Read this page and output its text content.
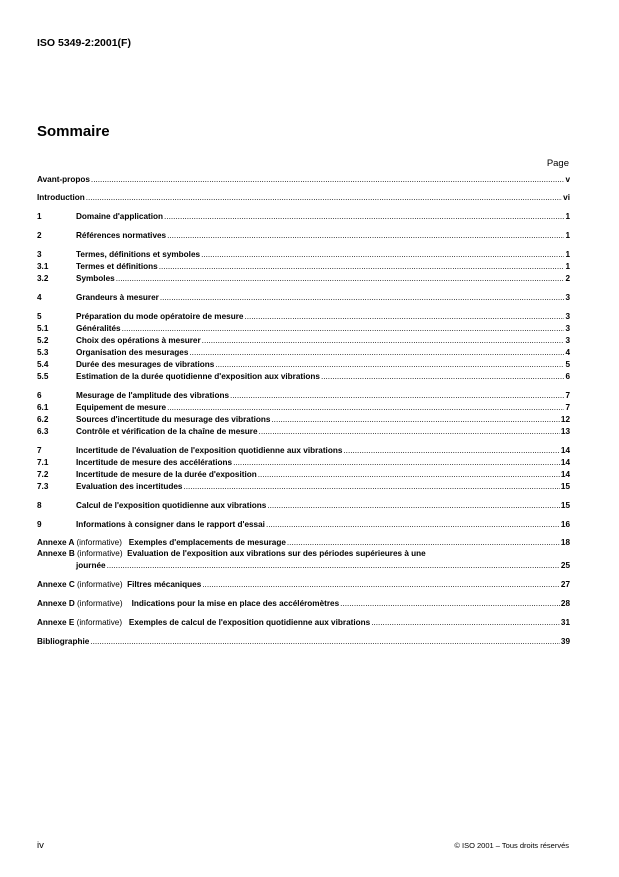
ISO 5349-2:2001(F)
Sommaire
Page
Avant-propos .....	v
Introduction .....	vi
1	Domaine d'application .....	1
2	Références normatives .....	1
3	Termes, définitions et symboles .....	1
3.1	Termes et définitions .....	1
3.2	Symboles .....	2
4	Grandeurs à mesurer .....	3
5	Préparation du mode opératoire de mesure .....	3
5.1	Généralités .....	3
5.2	Choix des opérations à mesurer .....	3
5.3	Organisation des mesurages .....	4
5.4	Durée des mesurages de vibrations .....	5
5.5	Estimation de la durée quotidienne d'exposition aux vibrations .....	6
6	Mesurage de l'amplitude des vibrations .....	7
6.1	Equipement de mesure .....	7
6.2	Sources d'incertitude du mesurage des vibrations .....	12
6.3	Contrôle et vérification de la chaîne de mesure .....	13
7	Incertitude de l'évaluation de l'exposition quotidienne aux vibrations .....	14
7.1	Incertitude de mesure des accélérations .....	14
7.2	Incertitude de mesure de la durée d'exposition .....	14
7.3	Evaluation des incertitudes .....	15
8	Calcul de l'exposition quotidienne aux vibrations .....	15
9	Informations à consigner dans le rapport d'essai .....	16
Annexe A (informative) Exemples d'emplacements de mesurage .....	18
Annexe B (informative) Evaluation de l'exposition aux vibrations sur des périodes supérieures à une
journée .....	25
Annexe C (informative) Filtres mécaniques .....	27
Annexe D (informative) Indications pour la mise en place des accéléromètres .....	28
Annexe E (informative) Exemples de calcul de l'exposition quotidienne aux vibrations .....	31
Bibliographie .....	39
iv	© ISO 2001 – Tous droits réservés
